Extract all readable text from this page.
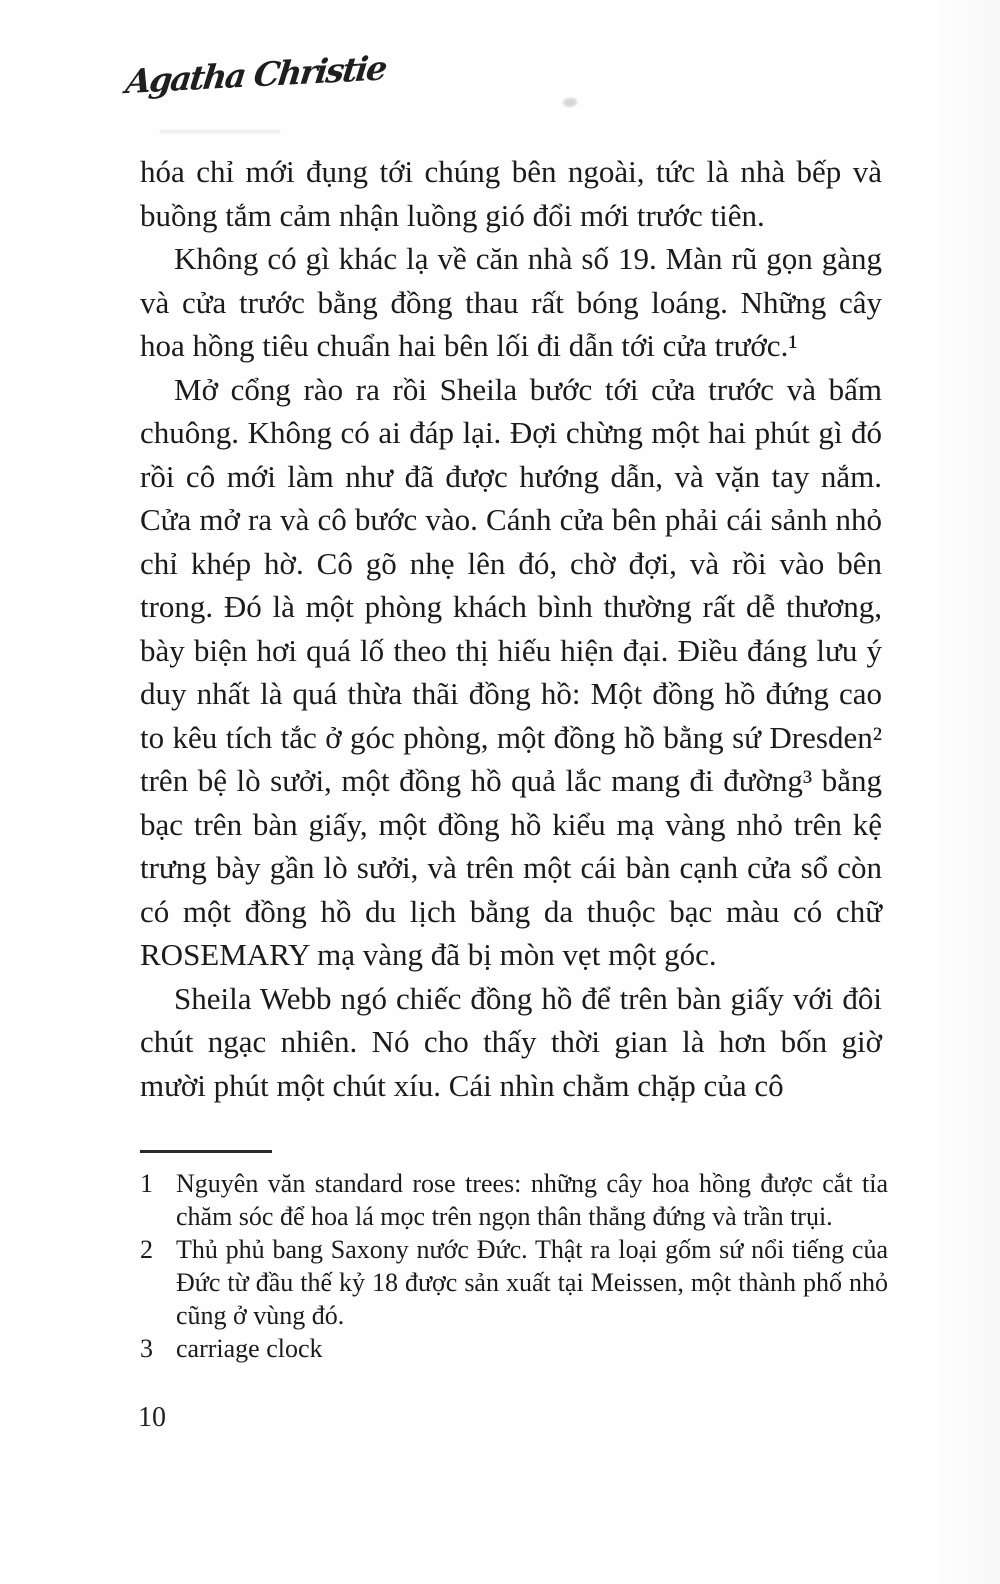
Agatha Christie

hóa chỉ mới đụng tới chúng bên ngoài, tức là nhà bếp và buồng tắm cảm nhận luồng gió đổi mới trước tiên.

Không có gì khác lạ về căn nhà số 19. Màn rũ gọn gàng và cửa trước bằng đồng thau rất bóng loáng. Những cây hoa hồng tiêu chuẩn hai bên lối đi dẫn tới cửa trước.¹

Mở cổng rào ra rồi Sheila bước tới cửa trước và bấm chuông. Không có ai đáp lại. Đợi chừng một hai phút gì đó rồi cô mới làm như đã được hướng dẫn, và vặn tay nắm. Cửa mở ra và cô bước vào. Cánh cửa bên phải cái sảnh nhỏ chỉ khép hờ. Cô gõ nhẹ lên đó, chờ đợi, và rồi vào bên trong. Đó là một phòng khách bình thường rất dễ thương, bày biện hơi quá lố theo thị hiếu hiện đại. Điều đáng lưu ý duy nhất là quá thừa thãi đồng hồ: Một đồng hồ đứng cao to kêu tích tắc ở góc phòng, một đồng hồ bằng sứ Dresden² trên bệ lò sưởi, một đồng hồ quả lắc mang đi đường³ bằng bạc trên bàn giấy, một đồng hồ kiểu mạ vàng nhỏ trên kệ trưng bày gần lò sưởi, và trên một cái bàn cạnh cửa sổ còn có một đồng hồ du lịch bằng da thuộc bạc màu có chữ ROSEMARY mạ vàng đã bị mòn vẹt một góc.

Sheila Webb ngó chiếc đồng hồ để trên bàn giấy với đôi chút ngạc nhiên. Nó cho thấy thời gian là hơn bốn giờ mười phút một chút xíu. Cái nhìn chằm chặp của cô

1 Nguyên văn standard rose trees: những cây hoa hồng được cắt tỉa chăm sóc để hoa lá mọc trên ngọn thân thẳng đứng và trần trụi.
2 Thủ phủ bang Saxony nước Đức. Thật ra loại gốm sứ nổi tiếng của Đức từ đầu thế kỷ 18 được sản xuất tại Meissen, một thành phố nhỏ cũng ở vùng đó.
3 carriage clock
10
